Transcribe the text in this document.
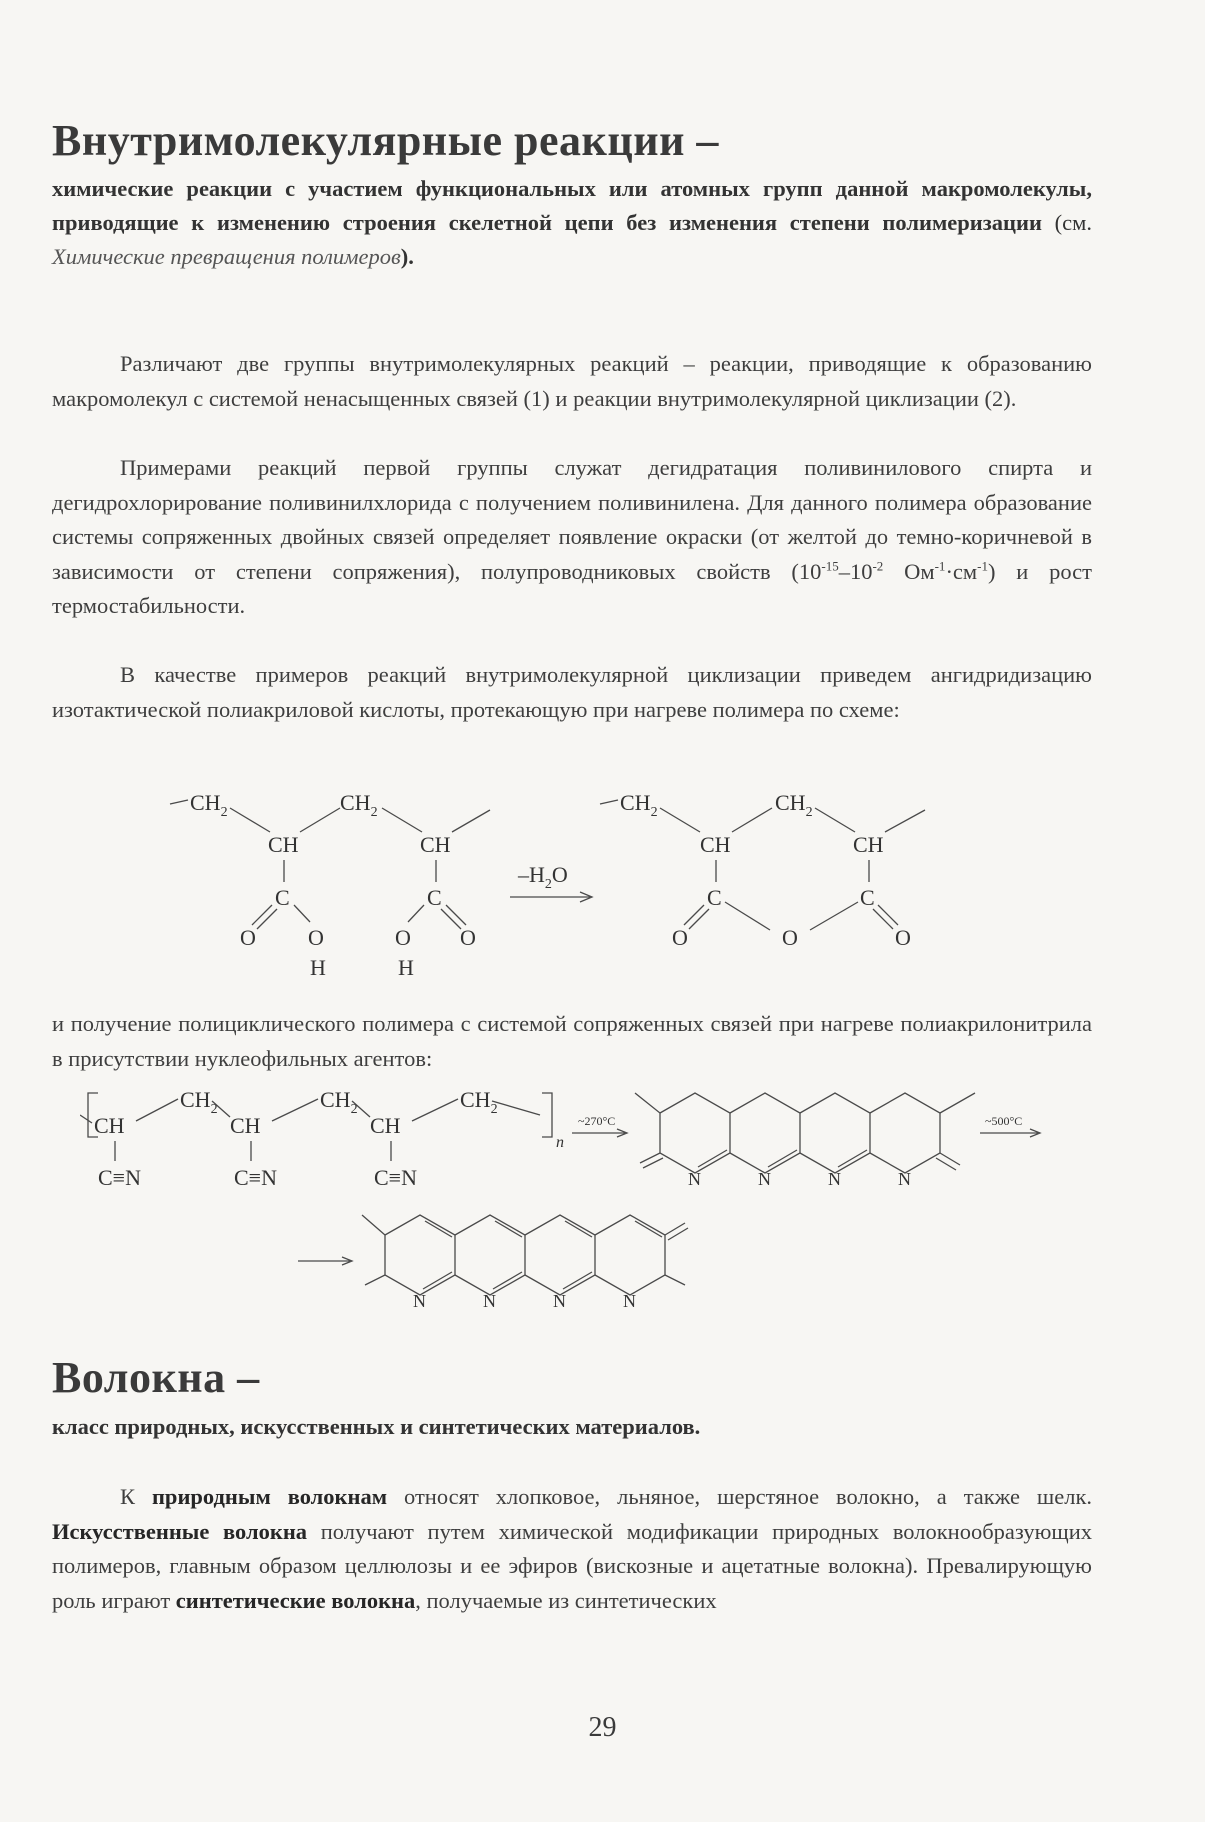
Внутримолекулярные реакции –

химические реакции с участием функциональных или атомных групп данной макромолекулы, приводящие к изменению строения скелетной цепи без изменения степени полимеризации (см. Химические превращения полимеров).

Различают две группы внутримолекулярных реакций – реакции, приводящие к образованию макромолекул с системой ненасыщенных связей (1) и реакции внутримолекулярной циклизации (2).

Примерами реакций первой группы служат дегидратация поливинилового спирта и дегидрохлорирование поливинилхлорида с получением поливинилена. Для данного полимера образование системы сопряженных двойных связей определяет появление окраски (от желтой до темно-коричневой в зависимости от степени сопряжения), полупроводниковых свойств ($10^{-15}-10^{-2}$ $Ом^{-1}\cdot см^{-1}$) и рост термостабильности.

В качестве примеров реакций внутримолекулярной циклизации приведем ангидридизацию изотактической полиакриловой кислоты, протекающую при нагреве полимера по схеме:

$CH_2$	$CH_2$
CH	CH
C	C
O O
H
O O
H
$-H_2O$
$CH_2$	$CH_2$
CH	CH
C	C
O	O	O

и получение полициклического полимера с системой сопряженных связей при нагреве полиакрилонитрила в присутствии нуклеофильных агентов:

n
CH
$CH_2$
CH
$CH_2$
CH
$CH_2$
C≡N	C≡N	C≡N
~270°C
N	N	N	N
~500°C
N	N	N	N
Волокна –

класс природных, искусственных и синтетических материалов.

К природным волокнам относят хлопковое, льняное, шерстяное волокно, а также шелк. Искусственные волокна получают путем химической модификации природных волокнообразующих полимеров, главным образом целлюлозы и ее эфиров (вискозные и ацетатные волокна). Превалирующую роль играют синтетические волокна, получаемые из синтетических

29
